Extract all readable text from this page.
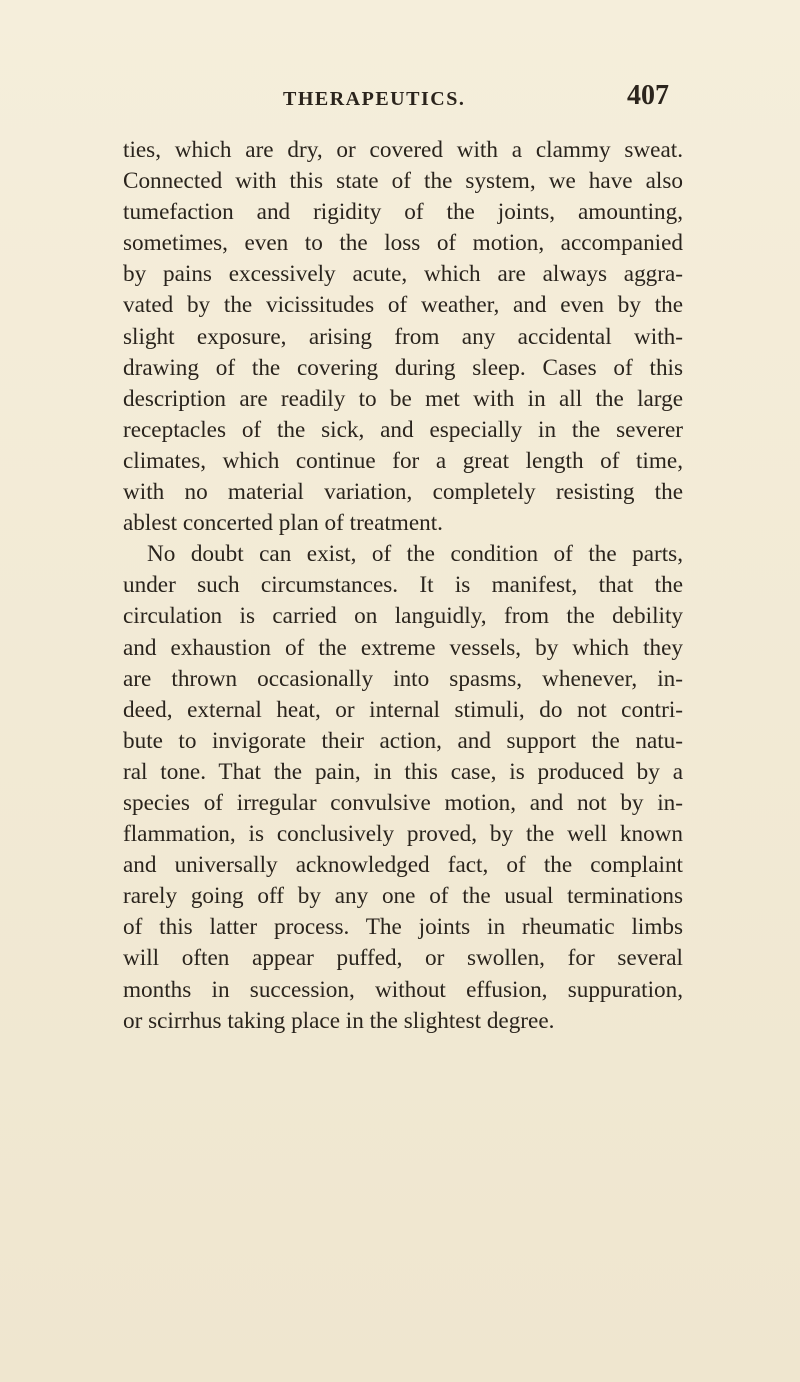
THERAPEUTICS.	407
ties, which are dry, or covered with a clammy sweat.
Connected with this state of the system, we have also
tumefaction and rigidity of the joints, amounting,
sometimes, even to the loss of motion, accompanied
by pains excessively acute, which are always aggra-
vated by the vicissitudes of weather, and even by the
slight exposure, arising from any accidental with-
drawing of the covering during sleep. Cases of this
description are readily to be met with in all the large
receptacles of the sick, and especially in the severer
climates, which continue for a great length of time,
with no material variation, completely resisting the
ablest concerted plan of treatment.
No doubt can exist, of the condition of the parts,
under such circumstances. It is manifest, that the
circulation is carried on languidly, from the debility
and exhaustion of the extreme vessels, by which they
are thrown occasionally into spasms, whenever, in-
deed, external heat, or internal stimuli, do not contri-
bute to invigorate their action, and support the natu-
ral tone. That the pain, in this case, is produced by a
species of irregular convulsive motion, and not by in-
flammation, is conclusively proved, by the well known
and universally acknowledged fact, of the complaint
rarely going off by any one of the usual terminations
of this latter process. The joints in rheumatic limbs
will often appear puffed, or swollen, for several
months in succession, without effusion, suppuration,
or scirrhus taking place in the slightest degree.
